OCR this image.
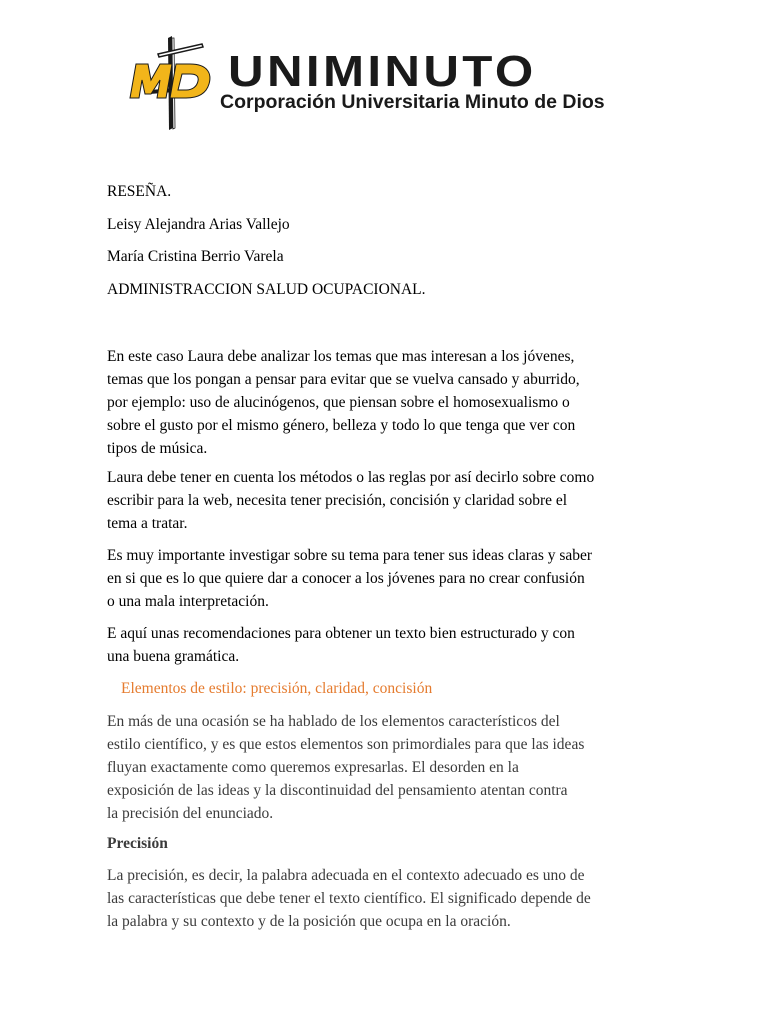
UNIMINUTO
Corporación Universitaria Minuto de Dios
RESEÑA.
Leisy Alejandra Arias Vallejo
María Cristina Berrio Varela
ADMINISTRACCION SALUD OCUPACIONAL.
En este caso Laura debe analizar los temas que mas interesan a los jóvenes,
temas que los pongan a pensar para evitar que se vuelva cansado y aburrido,
por ejemplo: uso de alucinógenos, que piensan sobre el homosexualismo o
sobre el gusto por el mismo género, belleza y todo lo que tenga que ver con
tipos de música.
Laura debe tener en cuenta los métodos o las reglas por así decirlo sobre como
escribir para la web, necesita tener precisión, concisión y claridad sobre el
tema a tratar.
Es muy importante investigar sobre su tema para tener sus ideas claras y saber
en si que es lo que quiere dar a conocer a los jóvenes para no crear confusión
o una mala interpretación.
E aquí unas recomendaciones para obtener un texto bien estructurado y con
una buena gramática.
Elementos de estilo: precisión, claridad, concisión
En más de una ocasión se ha hablado de los elementos característicos del
estilo científico, y es que estos elementos son primordiales para que las ideas
fluyan exactamente como queremos expresarlas. El desorden en la
exposición de las ideas y la discontinuidad del pensamiento atentan contra
la precisión del enunciado.
Precisión
La precisión, es decir, la palabra adecuada en el contexto adecuado es uno de
las características que debe tener el texto científico. El significado depende de
la palabra y su contexto y de la posición que ocupa en la oración.
